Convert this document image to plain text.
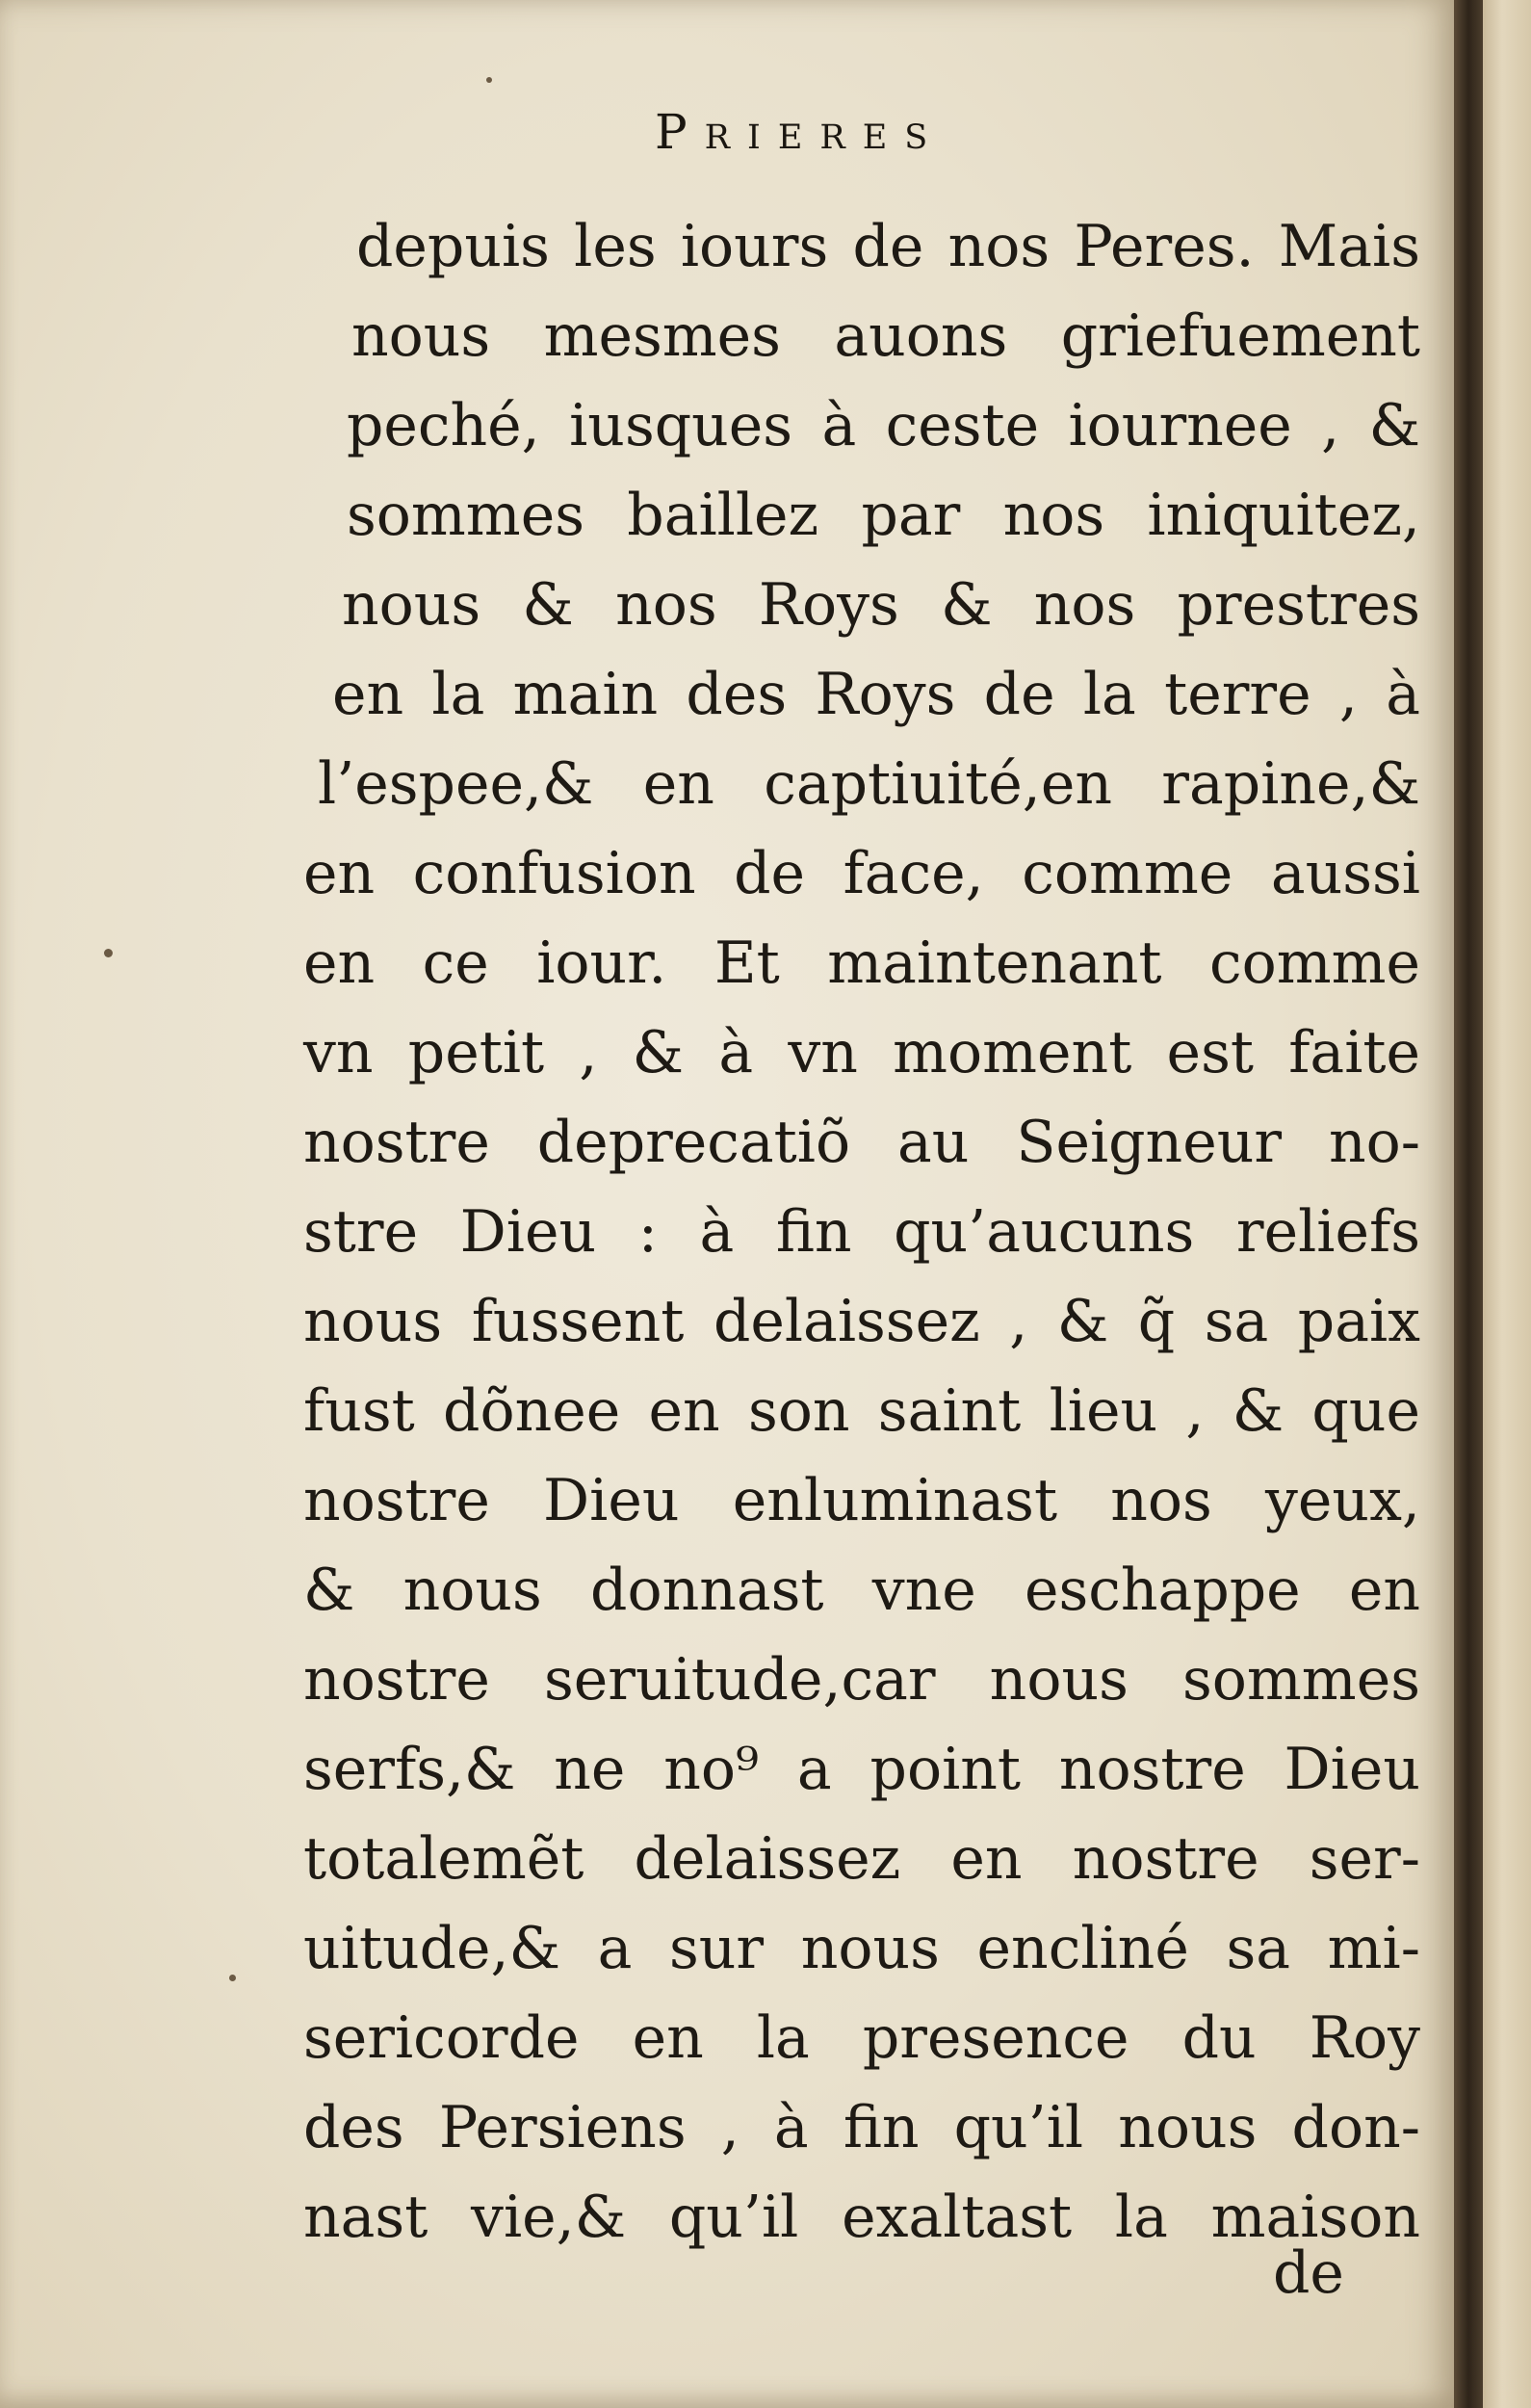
Prieres
depuis les iours de nos Peres. Mais
nous mesmes auons griefuement
peché, iusques à ceste iournee , &
sommes baillez par nos iniquitez,
nous & nos Roys & nos prestres
en la main des Roys de la terre , à
l’espee,& en captiuité,en rapine,&
en confusion de face, comme aussi
en ce iour. Et maintenant comme
vn petit , & à vn moment est faite
nostre deprecatiõ au Seigneur no-
stre Dieu : à fin qu’aucuns reliefs
nous fussent delaissez , & q̃ sa paix
fust dõnee en son saint lieu , & que
nostre Dieu enluminast nos yeux,
& nous donnast vne eschappe en
nostre seruitude,car nous sommes
serfs,& ne no⁹ a point nostre Dieu
totalemẽt delaissez en nostre ser-
uitude,& a sur nous encliné sa mi-
sericorde en la presence du Roy
des Persiens , à fin qu’il nous don-
nast vie,& qu’il exaltast la maison
de
